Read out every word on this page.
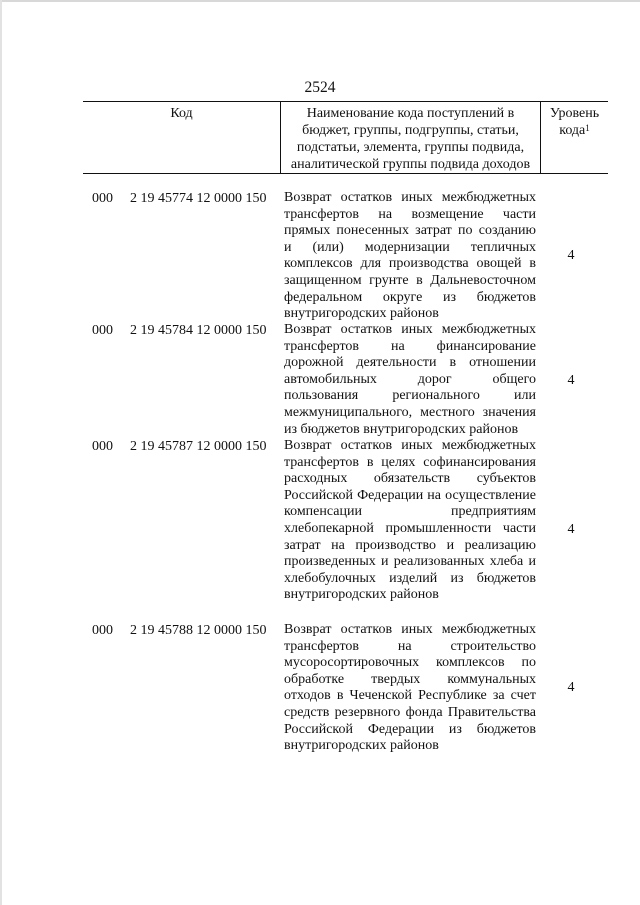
2524
Код	Наименование кода поступлений в бюджет, группы, подгруппы, статьи, подстатьи, элемента, группы подвида, аналитической группы подвида доходов
Уровень кода$^1$
000 2 19 45774 12 0000 150 Возврат остатков иных межбюджетных трансфертов на возмещение части прямых понесенных затрат по созданию и (или) модернизации тепличных комплексов для производства овощей в защищенном грунте в Дальневосточном федеральном округе из бюджетов внутригородских районов
4
000 2 19 45784 12 0000 150 Возврат остатков иных межбюджетных трансфертов на финансирование дорожной деятельности в отношении автомобильных дорог общего пользования регионального или межмуниципального, местного значения из бюджетов внутригородских районов
4
000 2 19 45787 12 0000 150 Возврат остатков иных межбюджетных трансфертов в целях софинансирования расходных обязательств субъектов Российской Федерации на осуществление компенсации предприятиям хлебопекарной промышленности части затрат на производство и реализацию произведенных и реализованных хлеба и хлебобулочных изделий из бюджетов внутригородских районов
4
000 2 19 45788 12 0000 150 Возврат остатков иных межбюджетных трансфертов на строительство мусоросортировочных комплексов по обработке твердых коммунальных отходов в Чеченской Республике за счет средств резервного фонда Правительства Российской Федерации из бюджетов внутригородских районов
4
